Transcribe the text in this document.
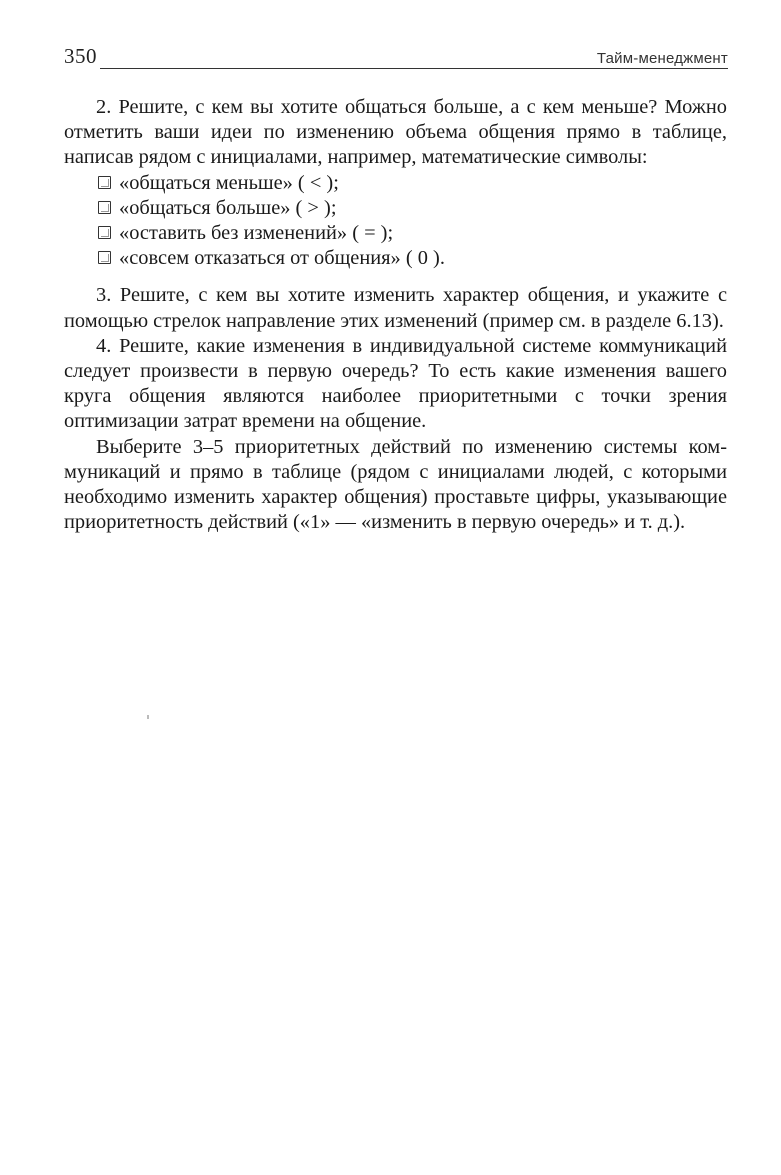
350	Тайм-менеджмент

2. Решите, с кем вы хотите общаться больше, а с кем меньше? Можно отметить ваши идеи по изменению объема общения прямо в таблице, написав рядом с инициалами, например, математические символы:

«общаться меньше» ( < );
«общаться больше» ( > );
«оставить без изменений» ( = );
«совсем отказаться от общения» ( 0 ).

3. Решите, с кем вы хотите изменить характер общения, и укажите с помощью стрелок направление этих изменений (пример см. в разделе 6.13).

4. Решите, какие изменения в индивидуальной системе коммуникаций следует произвести в первую очередь? То есть какие изменения вашего круга общения являются наиболее приоритетными с точки зрения оптимизации затрат времени на общение.

Выберите 3–5 приоритетных действий по изменению системы коммуникаций и прямо в таблице (рядом с инициалами людей, с которыми необходимо изменить характер общения) проставьте цифры, указывающие приоритетность действий («1» — «изменить в первую очередь» и т. д.).
